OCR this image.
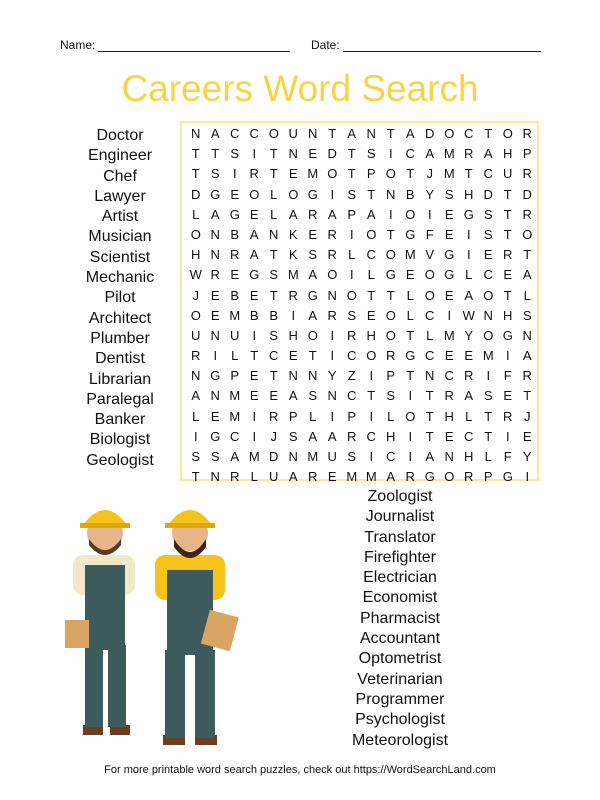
Name:	Date:
Careers Word Search
N A C C O U N T A N T A D O C T O R
T T S	I	T N E D T S	I C A M R A H P
T S	I R T E M O T P O T J M T C U R
D G E O L O G I	S T N B Y S H D T D
L A G E L A R A P A	I O I	E G S T R
O N B A N K E R	I O T G F E	I	S T O
H N R A T K S R L C O M V G I	E R T
W R E G S M A O I	L G E O G L C E A
J E B E T R G N O T T L O E A O T L
O E M B B	I	A R S E O L C	I W N H S
U N U	I	S H O I R H O T L M Y O G N
R	I	L T C E T	I C O R G C E E M I	A
N G P E T N N Y Z	I	P T N C R	I	F R
A N M E E A S N C T S	I	T R A S E T
L E M I R P L	I	P	I	L O T H L T R J
I G C	I	J S A A R C H	I	T E C T	I	E
S S A M D N M U S	I C	I	A N H L F Y
T N R L U A R E M M A R G O R P G I
Doctor
Engineer
Chef
Lawyer
Artist
Musician
Scientist
Mechanic
Pilot
Architect
Plumber
Dentist
Librarian
Paralegal
Banker
Biologist
Geologist
Zoologist
Journalist
Translator
Firefighter
Electrician
Economist
Pharmacist
Accountant
Optometrist
Veterinarian
Programmer
Psychologist
Meteorologist
For more printable word search puzzles, check out https://WordSearchLand.com
